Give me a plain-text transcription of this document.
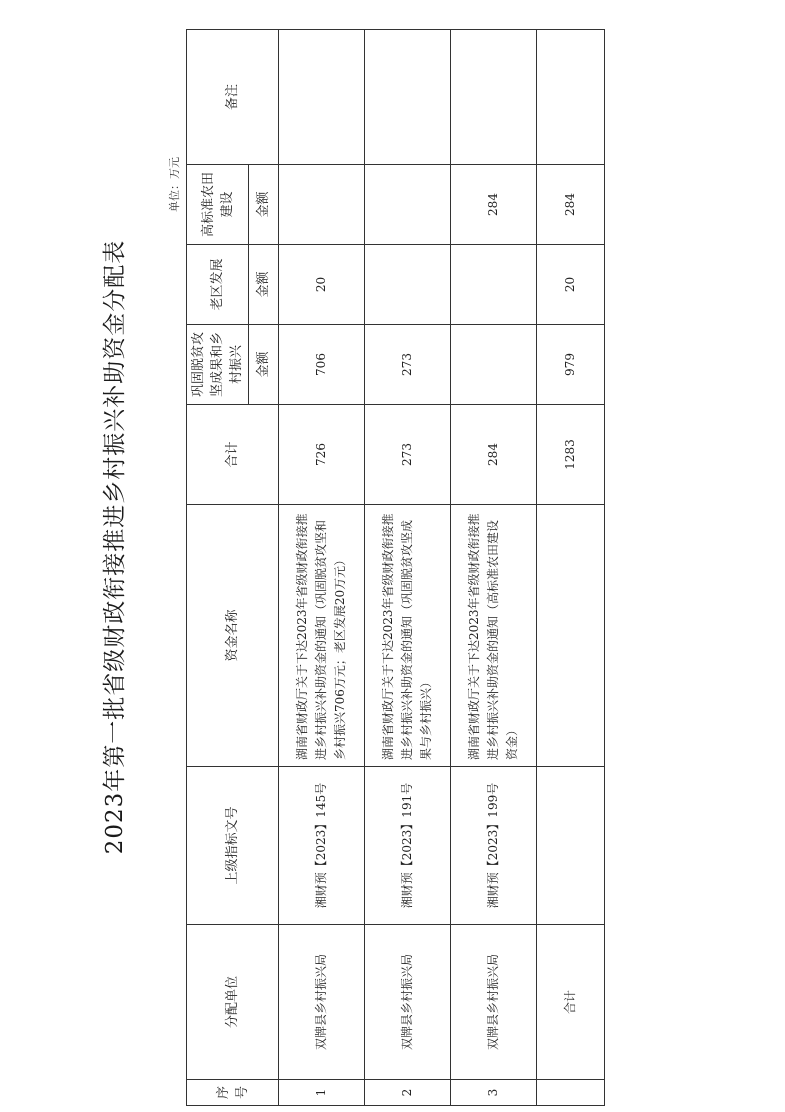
2023年第一批省级财政衔接推进乡村振兴补助资金分配表
单位：万元
序号	分配单位	上级指标文号	资金名称	合计	巩固脱贫攻坚成果和乡村振兴	老区发展	高标准农田建设	备注
					金额	金额	金额	
1	双牌县乡村振兴局	湘财预【2023】145号	湖南省财政厅关于下达2023年省级财政衔接推进乡村振兴补助资金的通知（巩固脱贫攻坚和乡村振兴706万元；老区发展20万元）	726	706	20		
2	双牌县乡村振兴局	湘财预【2023】191号	湖南省财政厅关于下达2023年省级财政衔接推进乡村振兴补助资金的通知（巩固脱贫攻坚成果与乡村振兴）	273	273			
3	双牌县乡村振兴局	湘财预【2023】199号	湖南省财政厅关于下达2023年省级财政衔接推进乡村振兴补助资金的通知（高标准农田建设资金）	284			284	
	合计			1283	979	20	284	
